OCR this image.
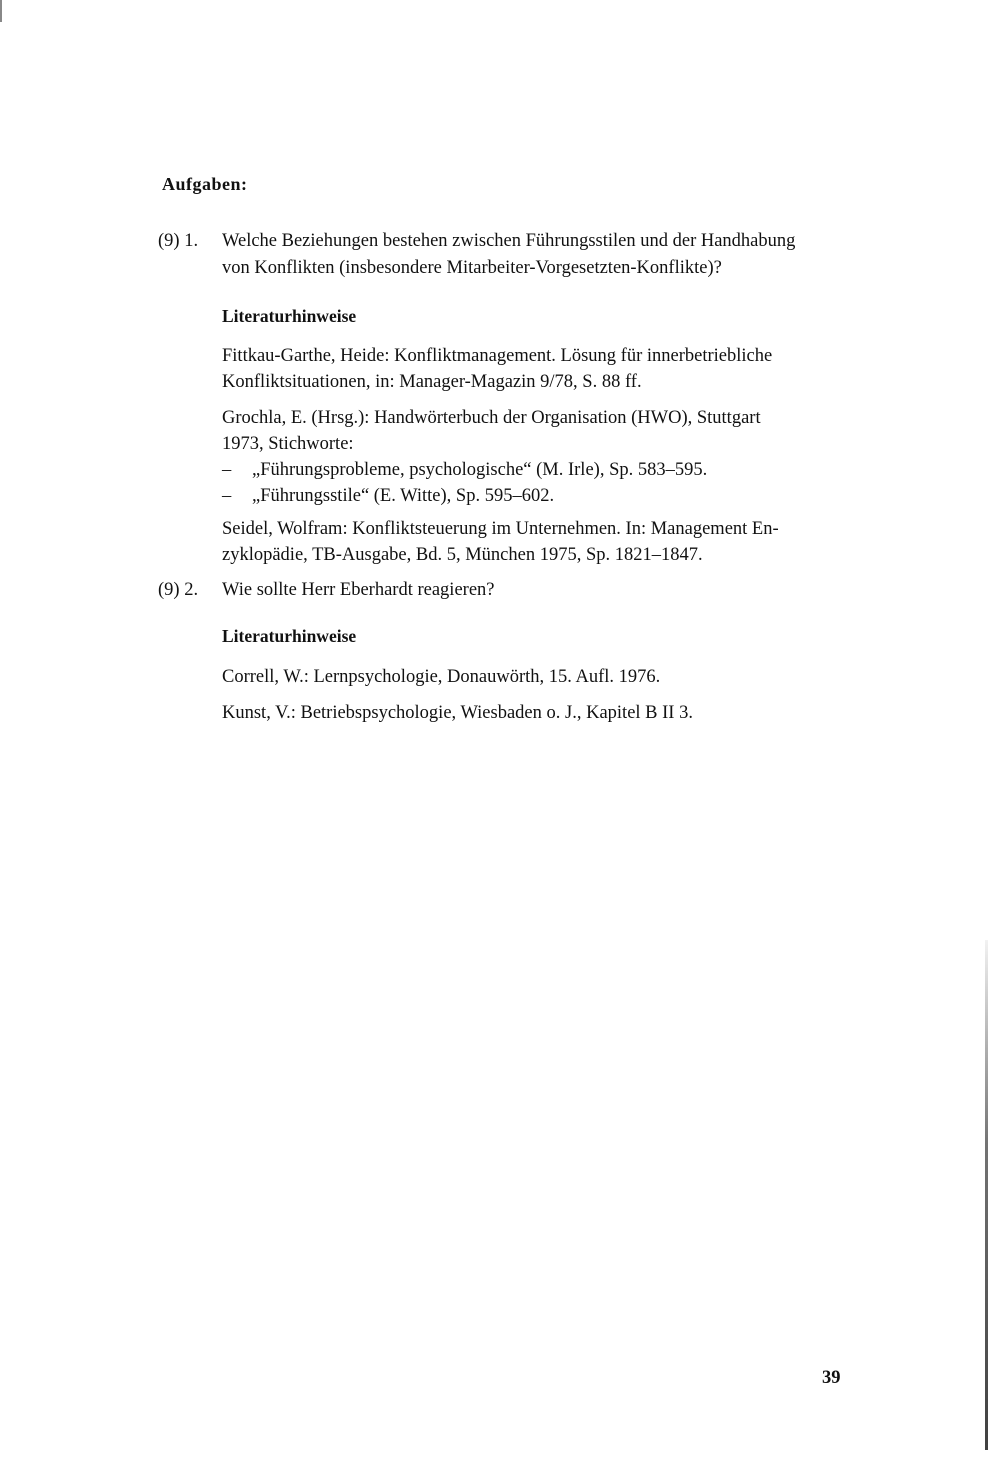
Aufgaben:
(9) 1.	Welche Beziehungen bestehen zwischen Führungsstilen und der Handhabung
von Konflikten (insbesondere Mitarbeiter-Vorgesetzten-Konflikte)?
Literaturhinweise
Fittkau-Garthe, Heide: Konfliktmanagement. Lösung für innerbetriebliche
Konfliktsituationen, in: Manager-Magazin 9/78, S. 88 ff.
Grochla, E. (Hrsg.): Handwörterbuch der Organisation (HWO), Stuttgart
1973, Stichworte:
– „Führungsprobleme, psychologische“ (M. Irle), Sp. 583–595.
– „Führungsstile“ (E. Witte), Sp. 595–602.
Seidel, Wolfram: Konfliktsteuerung im Unternehmen. In: Management En-
zyklopädie, TB-Ausgabe, Bd. 5, München 1975, Sp. 1821–1847.
(9) 2.	Wie sollte Herr Eberhardt reagieren?
Literaturhinweise
Correll, W.: Lernpsychologie, Donauwörth, 15. Aufl. 1976.
Kunst, V.: Betriebspsychologie, Wiesbaden o. J., Kapitel B II 3.
39
